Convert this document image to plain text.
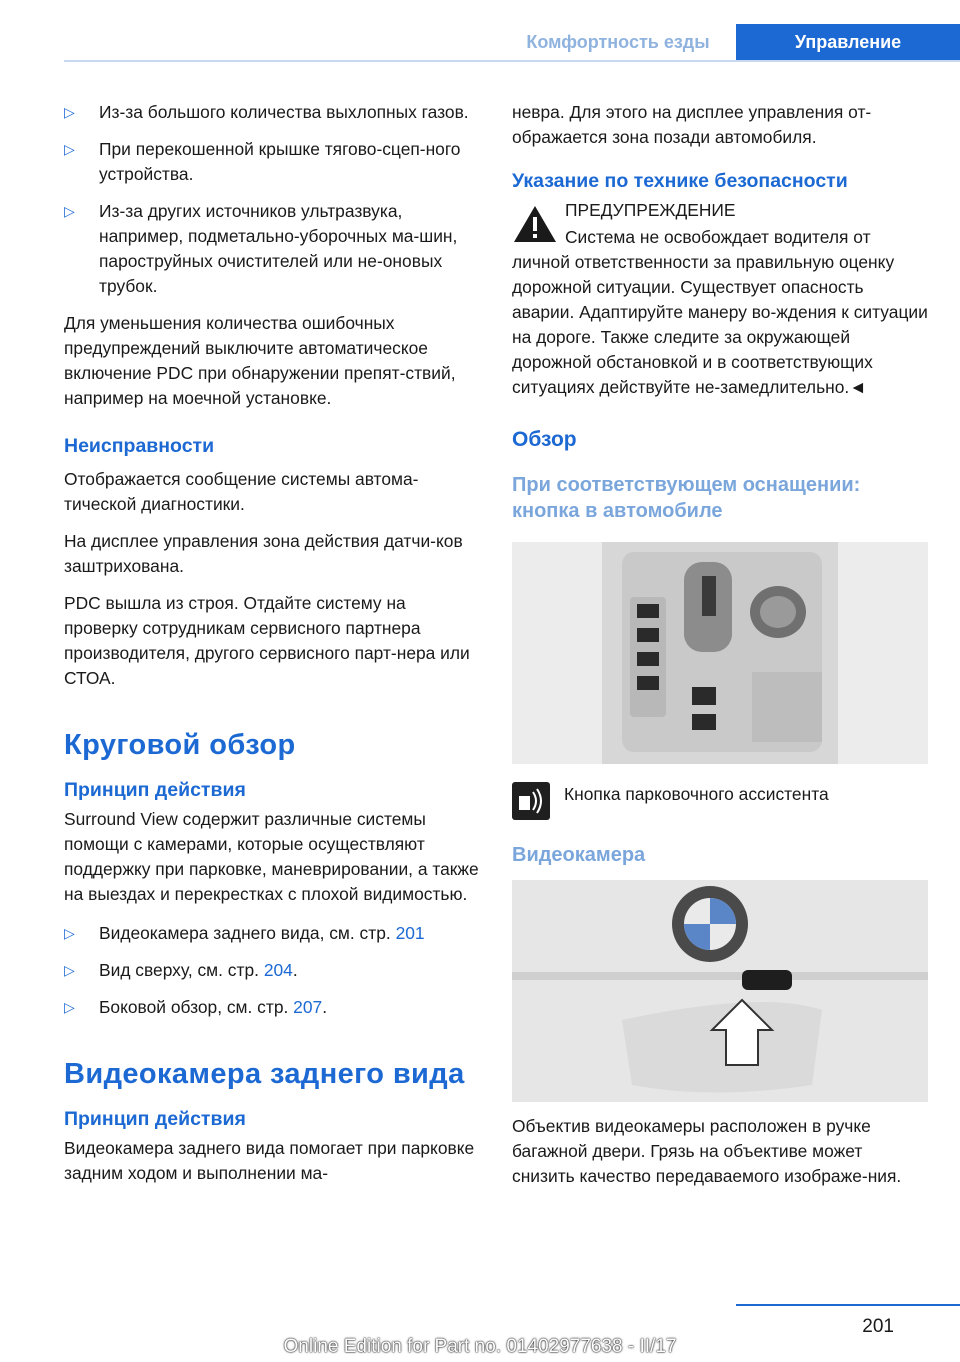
Комфортность езды	Управление
▷ Из-за большого количества выхлопных газов.
▷ При перекошенной крышке тягово-сцеп-ного устройства.
▷ Из-за других источников ультразвука, например, подметально-уборочных ма-шин, пароструйных очистителей или не-оновых трубок.

Для уменьшения количества ошибочных предупреждений выключите автоматическое включение PDC при обнаружении препят-ствий, например на моечной установке.

Неисправности

Отображается сообщение системы автома-тической диагностики.

На дисплее управления зона действия датчи-ков заштрихована.

PDC вышла из строя. Отдайте систему на проверку сотрудникам сервисного партнера производителя, другого сервисного парт-нера или СТОА.

Круговой обзор
Принцип действия

Surround View содержит различные системы помощи с камерами, которые осуществляют поддержку при парковке, маневрировании, а также на выездах и перекрестках с плохой видимостью.

▷ Видеокамера заднего вида, см. стр. 201
▷ Вид сверху, см. стр. 204.
▷ Боковой обзор, см. стр. 207.
Видеокамера заднего вида
Принцип действия

Видеокамера заднего вида помогает при парковке задним ходом и выполнении ма-

невра. Для этого на дисплее управления от-ображается зона позади автомобиля.

Указание по технике безопасности
ПРЕДУПРЕЖДЕНИЕ

Система не освобождает водителя от личной ответственности за правильную оценку дорожной ситуации. Существует опасность аварии. Адаптируйте манеру во-ждения к ситуации на дороге. Также следите за окружающей дорожной обстановкой и в соответствующих ситуациях действуйте не-замедлительно.◄

Обзор
При соответствующем оснащении: кнопка в автомобиле
Кнопка парковочного ассистента
Видеокамера

Объектив видеокамеры расположен в ручке багажной двери. Грязь на объективе может снизить качество передаваемого изображе-ния.

201
Online Edition for Part no. 01402977638 - II/17
